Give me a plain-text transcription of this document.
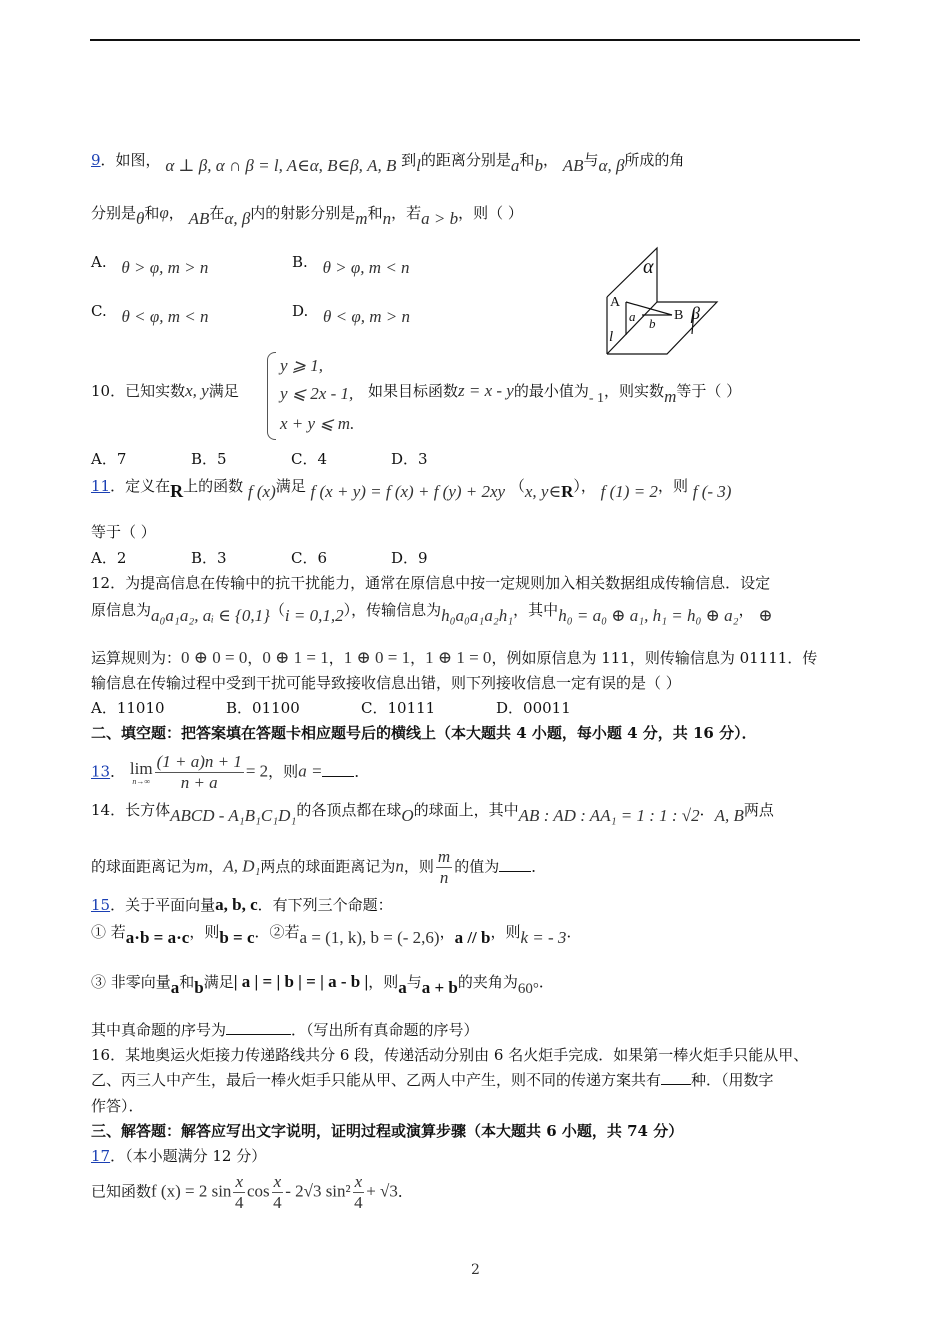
9．如图， α ⊥ β, α ∩ β = l, A∈α, B∈β, A, B 到l的距离分别是a和b， AB与α, β所成的角
分别是θ和φ， AB在α, β内的射影分别是m和n，若a > b，则（ ）
A. θ > φ, m > n	B. θ > φ, m < n
C. θ < φ, m < n	D. θ < φ, m > n
α
β
A
B
a b
l
10．已知实数x, y满足
y ⩾ 1,
y ⩽ 2x - 1,
x + y ⩽ m.
如果目标函数z = x - y的最小值为- 1，则实数m等于（ ）
A．7	B．5	C．4	D．3
11．定义在R上的函数 f (x)满足 f (x + y) = f (x) + f (y) + 2xy （x, y∈R）， f (1) = 2，则 f (- 3)
等于（ ）
A．2	B．3	C．6	D．9
12．为提高信息在传输中的抗干扰能力，通常在原信息中按一定规则加入相关数据组成传输信息．设定
原信息为a₀a₁a₂, aᵢ ∈ {0,1}（i = 0,1,2），传输信息为h₀a₀a₁a₂h₁，其中h₀ = a₀ ⊕ a₁, h₁ = h₀ ⊕ a₂， ⊕
运算规则为：0 ⊕ 0 = 0，0 ⊕ 1 = 1，1 ⊕ 0 = 1，1 ⊕ 1 = 0，例如原信息为 111，则传输信息为 01111．传
输信息在传输过程中受到干扰可能导致接收信息出错，则下列接收信息一定有误的是（ ）
A．11010	B．01100	C．10111	D．00011
二、填空题：把答案填在答题卡相应题号后的横线上（本大题共 4 小题，每小题 4 分，共 16 分）．
13． lim
$n\to\infty \frac{(1 + a)n + 1}{n + a} = 2$，则a = ．
14．长方体ABCD - A₁B₁C₁D₁的各顶点都在球O的球面上，其中AB : AD : AA₁ = 1 : 1 : √2．A, B两点
的球面距离记为m，A, D₁两点的球面距离记为n，则 $\frac{m}{n}$ 的值为 ．
15．关于平面向量a, b, c．有下列三个命题：
① 若a·b = a·c，则b = c．②若a = (1, k), b = (- 2,6)，a // b，则k = - 3．
③ 非零向量a和b满足| a | = | b | = | a - b |，则a与a + b的夹角为60°．
其中真命题的序号为	．（写出所有真命题的序号）
16．某地奥运火炬接力传递路线共分 6 段，传递活动分别由 6 名火炬手完成．如果第一棒火炬手只能从甲、
乙、丙三人中产生，最后一棒火炬手只能从甲、乙两人中产生，则不同的传递方案共有 种．（用数字
作答）．
三、解答题：解答应写出文字说明，证明过程或演算步骤（本大题共 6 小题，共 74 分）
17．（本小题满分 12 分）
已知函数f (x) = 2 $\sin \frac{x}{4}$ $\cos \frac{x}{4} - 2√3$ $\sin^2 \frac{x}{4} + √3$．
2
